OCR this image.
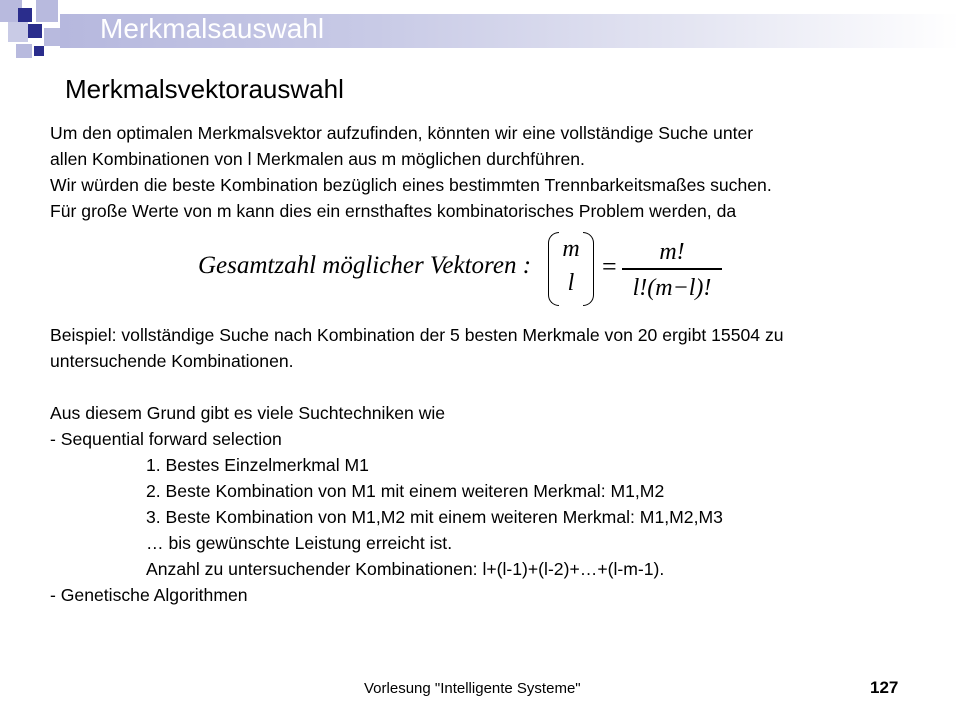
Merkmalsauswahl
Merkmalsvektorauswahl
Um den optimalen Merkmalsvektor aufzufinden, könnten wir eine vollständige Suche unter
allen Kombinationen von l Merkmalen aus m möglichen durchführen.
Wir würden die beste Kombination bezüglich eines bestimmten Trennbarkeitsmaßes suchen.
Für große Werte von m kann dies ein ernsthaftes kombinatorisches Problem werden, da
Gesamtzahl möglicher Vektoren :
m
l
=	m!
l!(m−l)!
Beispiel: vollständige Suche nach Kombination der 5 besten Merkmale von 20 ergibt 15504 zu
untersuchende Kombinationen.
Aus diesem Grund gibt es viele Suchtechniken wie
- Sequential forward selection
1. Bestes Einzelmerkmal M1
2. Beste Kombination von M1 mit einem weiteren Merkmal: M1,M2
3. Beste Kombination von M1,M2 mit einem weiteren Merkmal: M1,M2,M3
… bis gewünschte Leistung erreicht ist.
Anzahl zu untersuchender Kombinationen: l+(l-1)+(l-2)+…+(l-m-1).
- Genetische Algorithmen
Vorlesung "Intelligente Systeme"	127
